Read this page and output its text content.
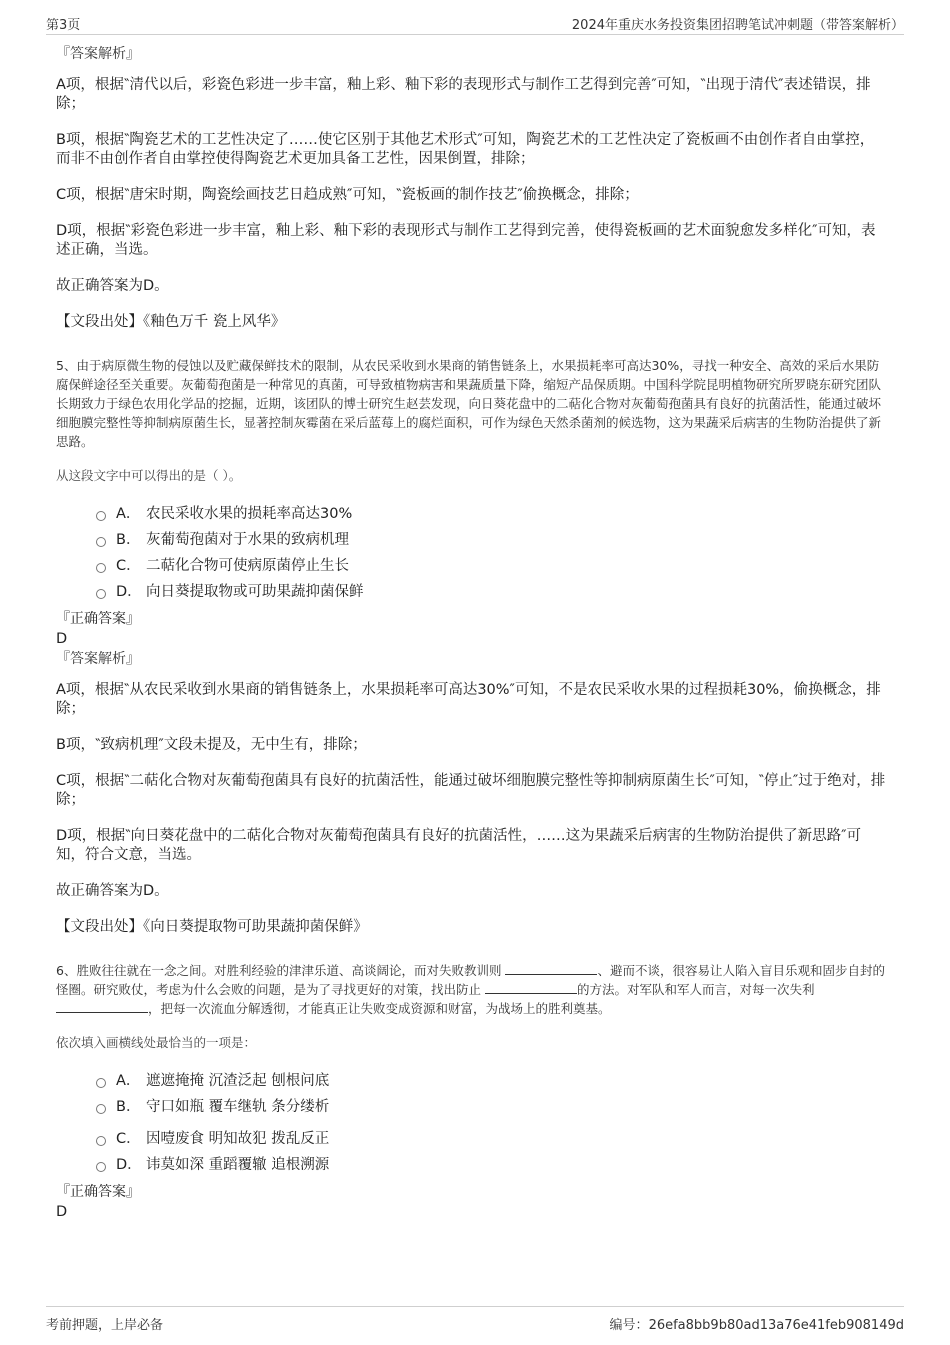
第3页	2024年重庆水务投资集团招聘笔试冲刺题（带答案解析）
『答案解析』
A项，根据‶清代以后，彩瓷色彩进一步丰富，釉上彩、釉下彩的表现形式与制作工艺得到完善″可知，‶出现于清代″表述错误，排除；
B项，根据‶陶瓷艺术的工艺性决定了……使它区别于其他艺术形式″可知，陶瓷艺术的工艺性决定了瓷板画不由创作者自由掌控，而非不由创作者自由掌控使得陶瓷艺术更加具备工艺性，因果倒置，排除；
C项，根据‶唐宋时期，陶瓷绘画技艺日趋成熟″可知，‶瓷板画的制作技艺″偷换概念，排除；
D项，根据‶彩瓷色彩进一步丰富，釉上彩、釉下彩的表现形式与制作工艺得到完善，使得瓷板画的艺术面貌愈发多样化″可知，表述正确，当选。
故正确答案为D。
【文段出处】《釉色万千 瓷上风华》
5、由于病原微生物的侵蚀以及贮藏保鲜技术的限制，从农民采收到水果商的销售链条上，水果损耗率可高达30%，寻找一种安全、高效的采后水果防腐保鲜途径至关重要。灰葡萄孢菌是一种常见的真菌，可导致植物病害和果蔬质量下降，缩短产品保质期。中国科学院昆明植物研究所罗晓东研究团队长期致力于绿色农用化学品的挖掘，近期，该团队的博士研究生赵芸发现，向日葵花盘中的二萜化合物对灰葡萄孢菌具有良好的抗菌活性，能通过破坏细胞膜完整性等抑制病原菌生长，显著控制灰霉菌在采后蓝莓上的腐烂面积，可作为绿色天然杀菌剂的候选物，这为果蔬采后病害的生物防治提供了新思路。
从这段文字中可以得出的是（ ）。
A． 农民采收水果的损耗率高达30%
B． 灰葡萄孢菌对于水果的致病机理
C． 二萜化合物可使病原菌停止生长
D． 向日葵提取物或可助果蔬抑菌保鲜
『正确答案』
D
『答案解析』
A项，根据‶从农民采收到水果商的销售链条上，水果损耗率可高达30%″可知，不是农民采收水果的过程损耗30%，偷换概念，排除；
B项，‶致病机理″文段未提及，无中生有，排除；
C项，根据‶二萜化合物对灰葡萄孢菌具有良好的抗菌活性，能通过破坏细胞膜完整性等抑制病原菌生长″可知，‶停止″过于绝对，排除；
D项，根据‶向日葵花盘中的二萜化合物对灰葡萄孢菌具有良好的抗菌活性，……这为果蔬采后病害的生物防治提供了新思路″可知，符合文意，当选。
故正确答案为D。
【文段出处】《向日葵提取物可助果蔬抑菌保鲜》
6、胜败往往就在一念之间。对胜利经验的津津乐道、高谈阔论，而对失败教训则	、避而不谈，很容易让人陷入盲目乐观和固步自封的怪圈。研究败仗，考虑为什么会败的问题，是为了寻找更好的对策，找出防止	的方法。对军队和军人而言，对每一次失利 ，把每一次流血分解透彻，才能真正让失败变成资源和财富，为战场上的胜利奠基。
依次填入画横线处最恰当的一项是：
A． 遮遮掩掩 沉渣泛起 刨根问底
B． 守口如瓶 覆车继轨 条分缕析
C． 因噎废食 明知故犯 拨乱反正
D． 讳莫如深 重蹈覆辙 追根溯源
『正确答案』
D
考前押题，上岸必备	编号：26efa8bb9b80ad13a76e41feb908149d
